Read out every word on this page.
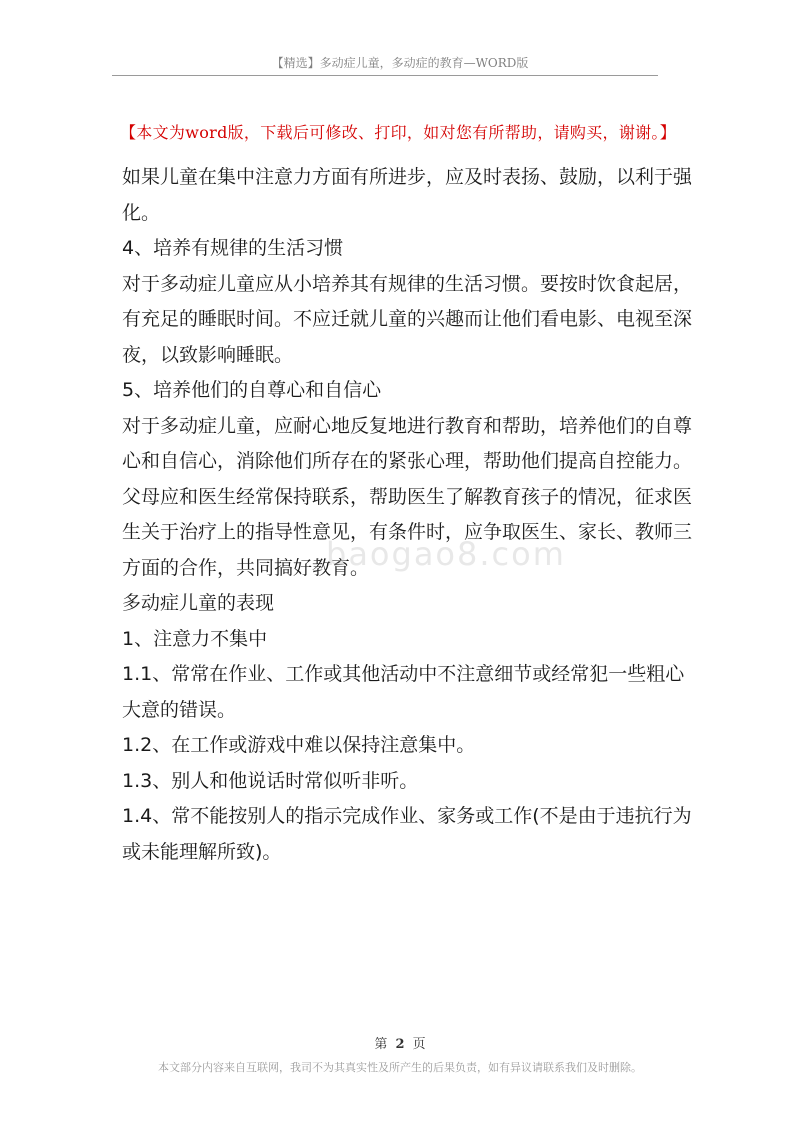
【精选】多动症儿童，多动症的教育—WORD版
【本文为word版，下载后可修改、打印，如对您有所帮助，请购买，谢谢。】

如果儿童在集中注意力方面有所进步，应及时表扬、鼓励，以利于强化。

4、培养有规律的生活习惯

对于多动症儿童应从小培养其有规律的生活习惯。要按时饮食起居，有充足的睡眠时间。不应迁就儿童的兴趣而让他们看电影、电视至深夜，以致影响睡眠。

5、培养他们的自尊心和自信心

对于多动症儿童，应耐心地反复地进行教育和帮助，培养他们的自尊心和自信心，消除他们所存在的紧张心理，帮助他们提高自控能力。父母应和医生经常保持联系，帮助医生了解教育孩子的情况，征求医生关于治疗上的指导性意见，有条件时，应争取医生、家长、教师三方面的合作，共同搞好教育。

多动症儿童的表现

1、注意力不集中

1.1、常常在作业、工作或其他活动中不注意细节或经常犯一些粗心大意的错误。

1.2、在工作或游戏中难以保持注意集中。

1.3、别人和他说话时常似听非听。

1.4、常不能按别人的指示完成作业、家务或工作(不是由于违抗行为或未能理解所致)。

baogao8.com
第 2 页
本文部分内容来自互联网，我司不为其真实性及所产生的后果负责，如有异议请联系我们及时删除。
